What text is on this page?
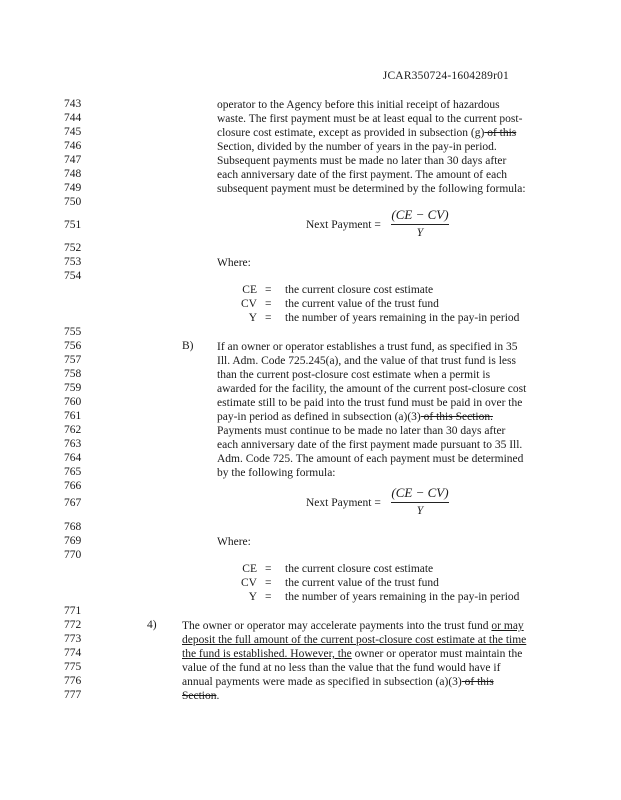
JCAR350724-1604289r01
743
744
745
746
747
748
749
750
751
752
753
754
755
756
757
758
759
760
761
762
763
764
765
766
767
768
769
770
771
772
773
774
775
776
777
operator to the Agency before this initial receipt of hazardous
waste. The first payment must be at least equal to the current post-
closure cost estimate, except as provided in subsection (g) of this
Section, divided by the number of years in the pay-in period.
Subsequent payments must be made no later than 30 days after
each anniversary date of the first payment. The amount of each
subsequent payment must be determined by the following formula:
Next Payment =
(CE − CV)
Y
Where:
CE = the current closure cost estimate
CV = the current value of the trust fund
Y = the number of years remaining in the pay-in period
B) If an owner or operator establishes a trust fund, as specified in 35
Ill. Adm. Code 725.245(a), and the value of that trust fund is less
than the current post-closure cost estimate when a permit is
awarded for the facility, the amount of the current post-closure cost
estimate still to be paid into the trust fund must be paid in over the
pay-in period as defined in subsection (a)(3) of this Section.
Payments must continue to be made no later than 30 days after
each anniversary date of the first payment made pursuant to 35 Ill.
Adm. Code 725. The amount of each payment must be determined
by the following formula:
Next Payment =
(CE − CV)
Y
Where:
CE = the current closure cost estimate
CV = the current value of the trust fund
Y = the number of years remaining in the pay-in period
4) The owner or operator may accelerate payments into the trust fund or may
deposit the full amount of the current post-closure cost estimate at the time
the fund is established. However, the owner or operator must maintain the
value of the fund at no less than the value that the fund would have if
annual payments were made as specified in subsection (a)(3) of this
Section.
